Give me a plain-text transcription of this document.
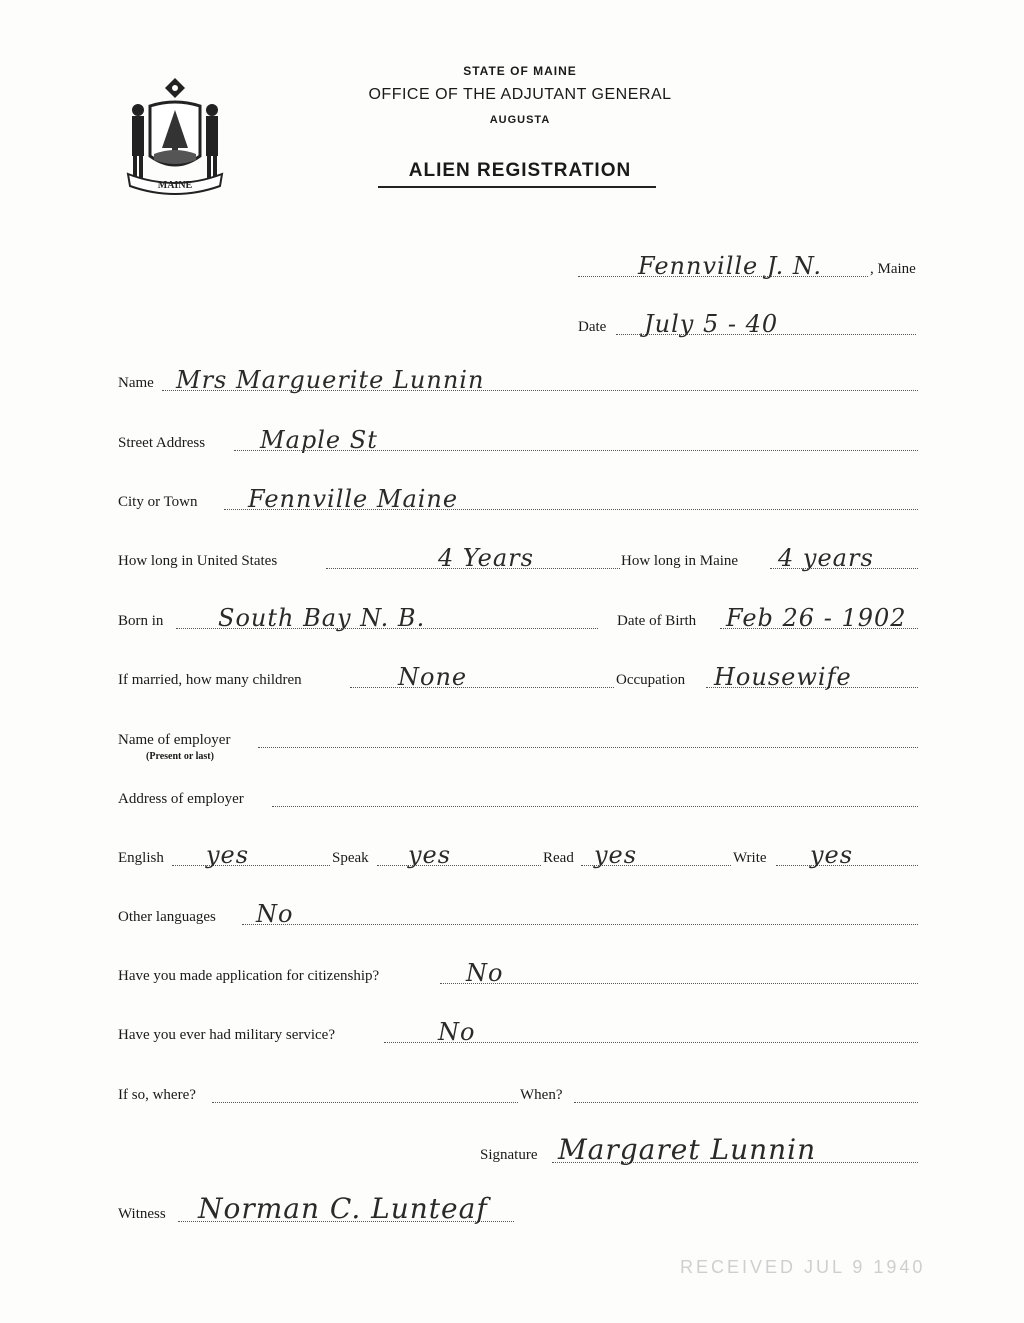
MAINE
STATE OF MAINE
OFFICE OF THE ADJUTANT GENERAL
AUGUSTA
ALIEN REGISTRATION
Fennville J. N.	, Maine
Date July 5 - 40
Name Mrs Marguerite Lunnin
Street Address Maple St
City or Town Fennville Maine
How long in United States	4 Years	How long in Maine 4 years
Born in South Bay N. B.	Date of Birth Feb 26 - 1902
If married, how many children	None	Occupation Housewife
Name of employer
(Present or last)
Address of employer
English yes	Speak yes	Read yes	Write yes
Other languages No
Have you made application for citizenship?	No
Have you ever had military service?	No
If so, where?	When?
Signature Margaret Lunnin
Witness Norman C. Lunteaf
RECEIVED JUL 9 1940
